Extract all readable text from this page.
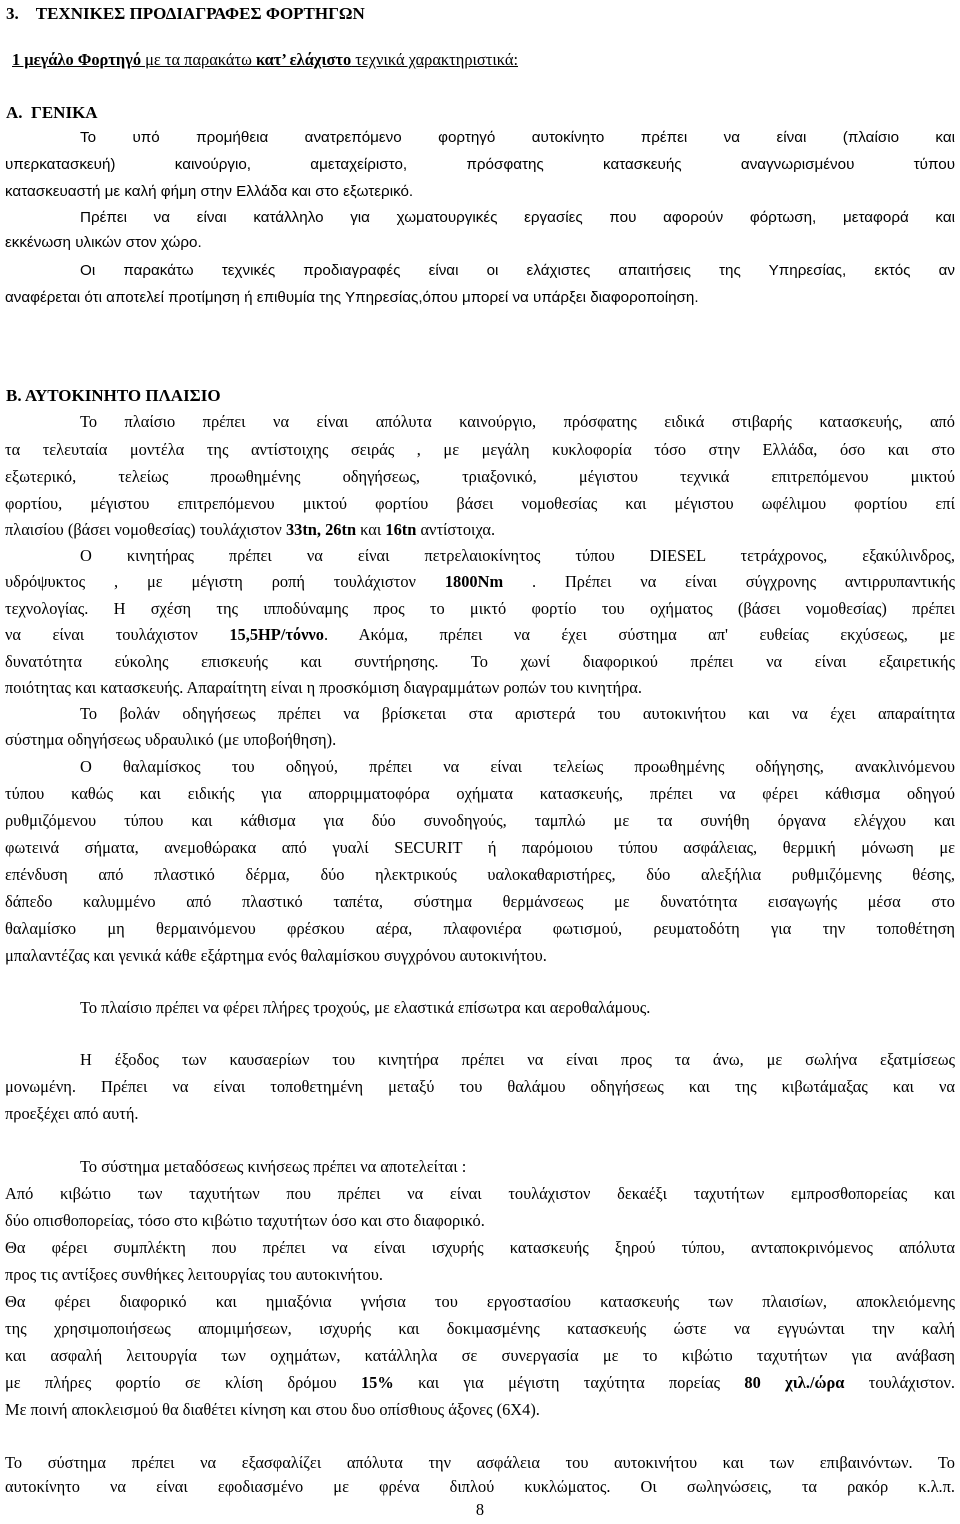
3.    ΤΕΧΝΙΚΕΣ ΠΡΟΔΙΑΓΡΑΦΕΣ ΦΟΡΤΗΓΩΝ
1 μεγάλο Φορτηγό με τα παρακάτω κατ’ ελάχιστο τεχνικά χαρακτηριστικά:
Α.  ΓΕΝΙΚΑ
Το υπό προμήθεια ανατρεπόμενο φορτηγό αυτοκίνητο πρέπει να είναι (πλαίσιο και
υπερκατασκευή) καινούργιο, αμεταχείριστο, πρόσφατης κατασκευής αναγνωρισμένου τύπου
κατασκευαστή με καλή φήμη στην Ελλάδα και στο εξωτερικό.
Πρέπει να είναι κατάλληλο για χωματουργικές εργασίες που αφορούν φόρτωση, μεταφορά και
εκκένωση υλικών στον χώρο.
Οι παρακάτω τεχνικές προδιαγραφές είναι οι ελάχιστες απαιτήσεις της Υπηρεσίας, εκτός αν
αναφέρεται ότι αποτελεί προτίμηση ή επιθυμία της Υπηρεσίας,όπου μπορεί να υπάρξει διαφοροποίηση.
Β. ΑΥΤΟΚΙΝΗΤΟ ΠΛΑΙΣΙΟ
Το πλαίσιο πρέπει να είναι απόλυτα καινούργιο, πρόσφατης ειδικά στιβαρής κατασκευής, από
τα τελευταία μοντέλα της αντίστοιχης σειράς , με μεγάλη κυκλοφορία τόσο στην Ελλάδα, όσο και στο
εξωτερικό, τελείως προωθημένης οδηγήσεως, τριαξονικό, μέγιστου τεχνικά επιτρεπόμενου μικτού
φορτίου, μέγιστου επιτρεπόμενου μικτού φορτίου βάσει νομοθεσίας και μέγιστου ωφέλιμου φορτίου επί
πλαισίου (βάσει νομοθεσίας) τουλάχιστον 33tn, 26tn και 16tn αντίστοιχα.
Ο κινητήρας πρέπει να είναι πετρελαιοκίνητος τύπου DIESEL τετράχρονος, εξακύλινδρος,
υδρόψυκτος , με μέγιστη ροπή τουλάχιστον 1800Nm . Πρέπει να είναι σύγχρονης αντιρρυπαντικής
τεχνολογίας. Η σχέση της ιπποδύναμης προς το μικτό φορτίο του οχήματος (βάσει νομοθεσίας) πρέπει
να είναι τουλάχιστον 15,5HP/τόννο. Ακόμα, πρέπει να έχει σύστημα απ' ευθείας εκχύσεως, με
δυνατότητα εύκολης επισκευής και συντήρησης. Το χωνί διαφορικού πρέπει να είναι εξαιρετικής
ποιότητας και κατασκευής. Απαραίτητη είναι η προσκόμιση διαγραμμάτων ροπών του κινητήρα.
Το βολάν οδηγήσεως πρέπει να βρίσκεται στα αριστερά του αυτοκινήτου και να έχει απαραίτητα
σύστημα οδηγήσεως υδραυλικό (με υποβοήθηση).
Ο θαλαμίσκος του οδηγού, πρέπει να είναι τελείως προωθημένης οδήγησης, ανακλινόμενου
τύπου καθώς και ειδικής για απορριμματοφόρα οχήματα κατασκευής, πρέπει να φέρει κάθισμα οδηγού
ρυθμιζόμενου τύπου και κάθισμα για δύο συνοδηγούς, ταμπλώ με τα συνήθη όργανα ελέγχου και
φωτεινά σήματα, ανεμοθώρακα από γυαλί SECURIT ή παρόμοιου τύπου ασφάλειας, θερμική μόνωση με
επένδυση από πλαστικό δέρμα, δύο ηλεκτρικούς υαλοκαθαριστήρες, δύο αλεξήλια ρυθμιζόμενης θέσης,
δάπεδο καλυμμένο από πλαστικό ταπέτα, σύστημα θερμάνσεως με δυνατότητα εισαγωγής μέσα στο
θαλαμίσκο μη θερμαινόμενου φρέσκου αέρα, πλαφονιέρα φωτισμού, ρευματοδότη για την τοποθέτηση
μπαλαντέζας και γενικά κάθε εξάρτημα ενός θαλαμίσκου συγχρόνου αυτοκινήτου.
Το πλαίσιο πρέπει να φέρει πλήρες τροχούς, με ελαστικά επίσωτρα και αεροθαλάμους.
Η έξοδος των καυσαερίων του κινητήρα πρέπει να είναι προς τα άνω, με σωλήνα εξατμίσεως
μονωμένη. Πρέπει να είναι τοποθετημένη μεταξύ του θαλάμου οδηγήσεως και της κιβωτάμαξας και να
προεξέχει από αυτή.
Το σύστημα μεταδόσεως κινήσεως πρέπει να αποτελείται :
Από κιβώτιο των ταχυτήτων που πρέπει να είναι τουλάχιστον δεκαέξι ταχυτήτων εμπροσθοπορείας και
δύο οπισθοπορείας, τόσο στο κιβώτιο ταχυτήτων όσο και στο διαφορικό.
Θα φέρει συμπλέκτη που πρέπει να είναι ισχυρής κατασκευής ξηρού τύπου, ανταποκρινόμενος απόλυτα
προς τις αντίξοες συνθήκες λειτουργίας του αυτοκινήτου.
Θα φέρει διαφορικό και ημιαξόνια γνήσια του εργοστασίου κατασκευής των πλαισίων, αποκλειόμενης
της χρησιμοποιήσεως απομιμήσεων, ισχυρής και δοκιμασμένης κατασκευής ώστε να εγγυώνται την καλή
και ασφαλή λειτουργία των οχημάτων, κατάλληλα σε συνεργασία με το κιβώτιο ταχυτήτων για ανάβαση
με πλήρες φορτίο σε κλίση δρόμου 15% και για μέγιστη ταχύτητα πορείας 80 χιλ./ώρα τουλάχιστον.
Με ποινή αποκλεισμού θα διαθέτει κίνηση και στου δυο οπίσθιους άξονες (6Χ4).
Το σύστημα πρέπει να εξασφαλίζει απόλυτα την ασφάλεια του αυτοκινήτου και των επιβαινόντων. Το
αυτοκίνητο να είναι εφοδιασμένο με φρένα διπλού κυκλώματος. Οι σωληνώσεις, τα ρακόρ κ.λ.π.
8
